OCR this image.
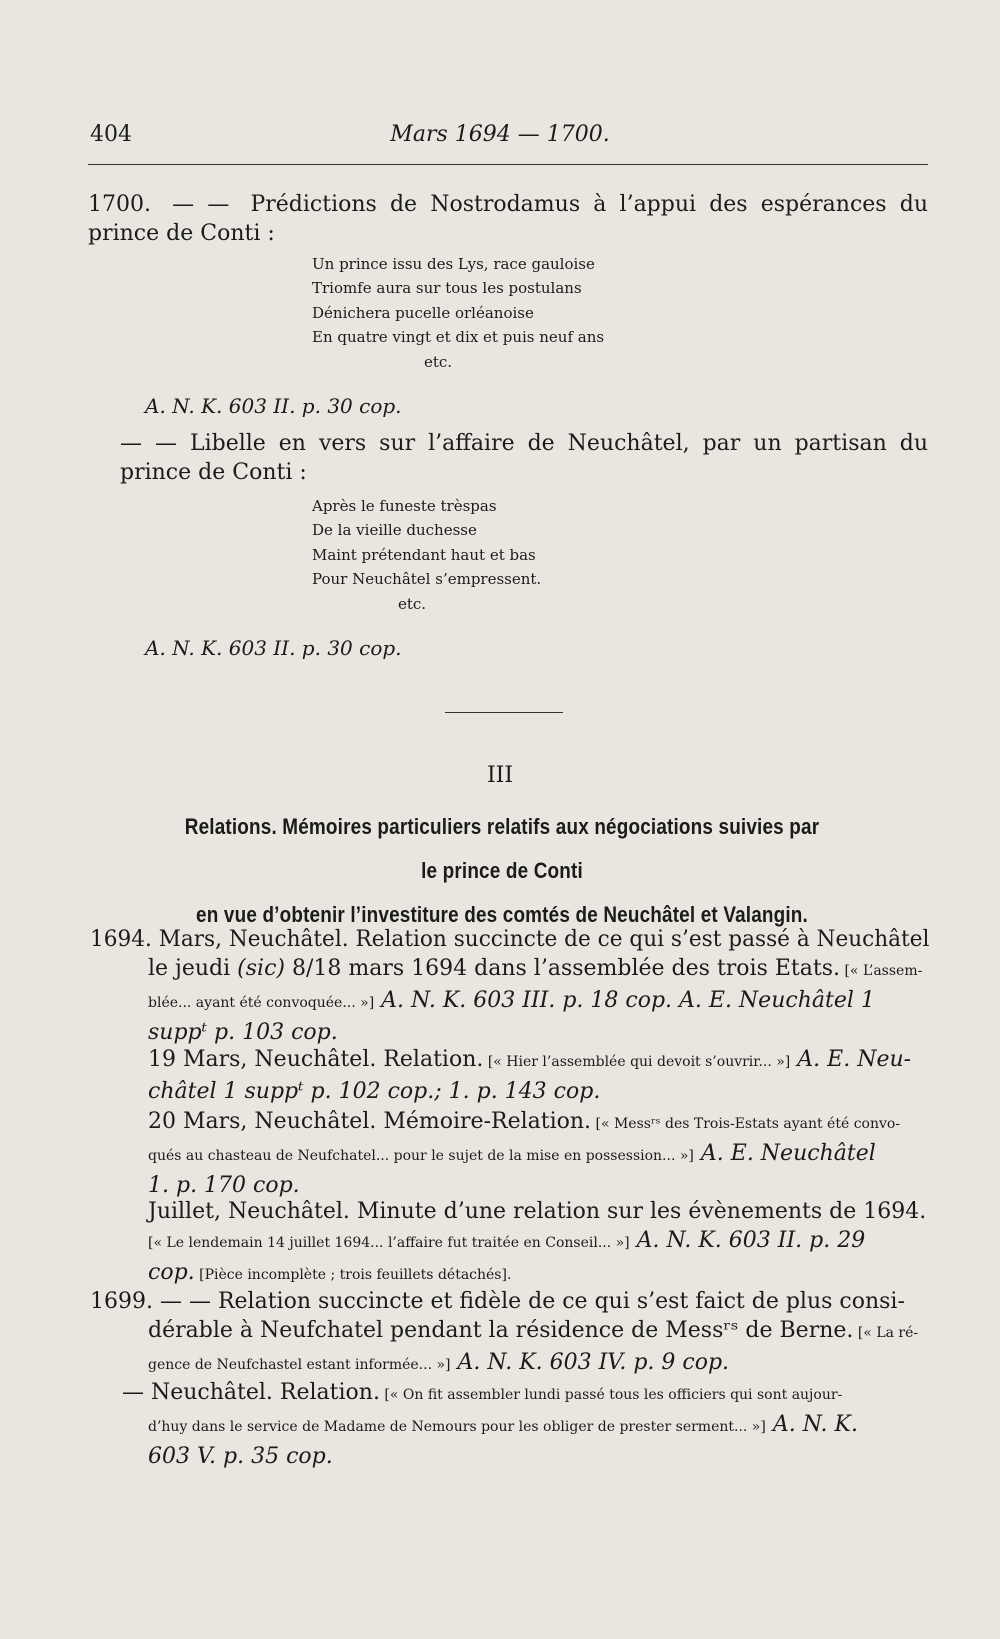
404	Mars 1694 — 1700.
1700. — — Prédictions de Nostrodamus à l’appui des espérances du prince de Conti :
Un prince issu des Lys, race gauloise
Triomfe aura sur tous les postulans
Dénichera pucelle orléanoise
En quatre vingt et dix et puis neuf ans
etc.
A. N. K. 603 II. p. 30 cop.
— — Libelle en vers sur l’affaire de Neuchâtel, par un partisan du prince de Conti :
Après le funeste trèspas
De la vieille duchesse
Maint prétendant haut et bas
Pour Neuchâtel s’empressent.
etc.
A. N. K. 603 II. p. 30 cop.
III
Relations. Mémoires particuliers relatifs aux négociations suivies par le prince de Conti
en vue d’obtenir l’investiture des comtés de Neuchâtel et Valangin.
1694. Mars, Neuchâtel. Relation succincte de ce qui s’est passé à Neuchâtel
le jeudi (sic) 8/18 mars 1694 dans l’assemblée des trois Etats. [« L’assem-
blée... ayant été convoquée... »] A. N. K. 603 III. p. 18 cop. A. E. Neuchâtel 1
suppᵗ p. 103 cop.
19 Mars, Neuchâtel. Relation. [« Hier l’assemblée qui devoit s’ouvrir... »] A. E. Neu-
châtel 1 suppᵗ p. 102 cop.; 1. p. 143 cop.
20 Mars, Neuchâtel. Mémoire-Relation. [« Messʳˢ des Trois-Estats ayant été convo-
qués au chasteau de Neufchatel... pour le sujet de la mise en possession... »] A. E. Neuchâtel
1. p. 170 cop.
Juillet, Neuchâtel. Minute d’une relation sur les évènements de 1694.
[« Le lendemain 14 juillet 1694... l’affaire fut traitée en Conseil... »] A. N. K. 603 II. p. 29
cop. [Pièce incomplète ; trois feuillets détachés].
1699. — — Relation succincte et fidèle de ce qui s’est faict de plus consi-
dérable à Neufchatel pendant la résidence de Messʳˢ de Berne. [« La ré-
gence de Neufchastel estant informée... »] A. N. K. 603 IV. p. 9 cop.
— Neuchâtel. Relation. [« On fit assembler lundi passé tous les officiers qui sont aujour-
d’huy dans le service de Madame de Nemours pour les obliger de prester serment... »] A. N. K.
603 V. p. 35 cop.
